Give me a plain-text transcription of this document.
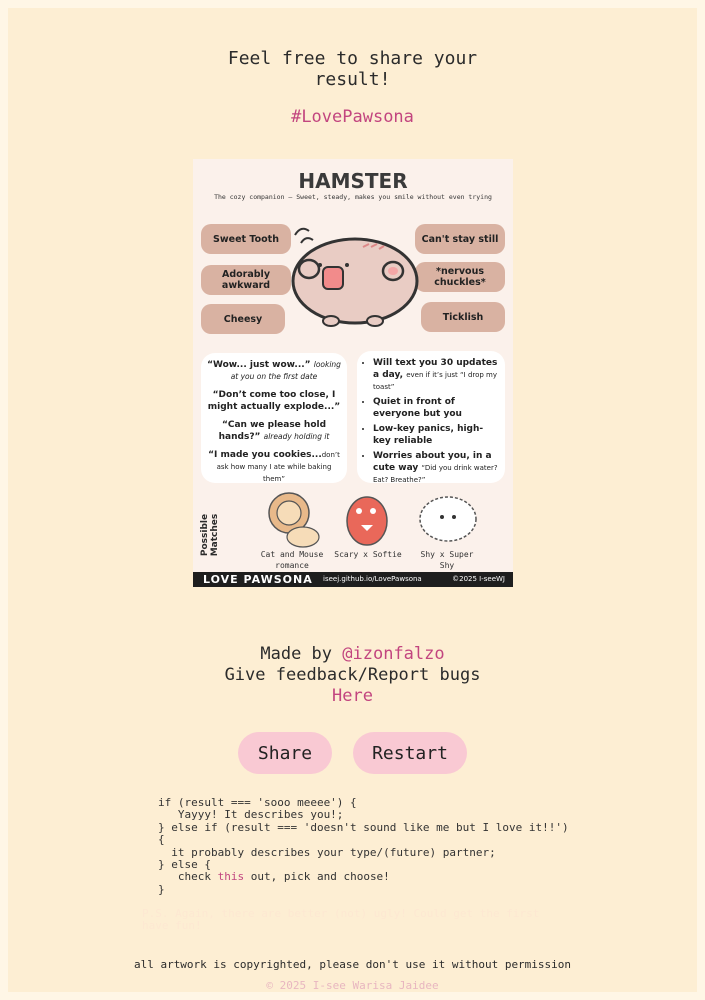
Feel free to share your
result!
#LovePawsona
HAMSTER
The cozy companion – Sweet, steady, makes you smile without even trying
Sweet Tooth
Adorably awkward
Cheesy
Can't stay still
*nervous chuckles*
Ticklish
“Wow... just wow...” looking at you on the first date
“Don’t come too close, I might actually explode...”
“Can we please hold hands?” already holding it
“I made you cookies...don’t ask how many I ate while baking them”
• Will text you 30 updates a day, even if it’s just “I drop my toast”
• Quiet in front of everyone but you
• Low-key panics, high-key reliable
• Worries about you, in a cute way “Did you drink water? Eat? Breathe?”
Possible Matches	Cat and Mouse romance
Scary x Softie	Shy x Super Shy
LOVE PAWSONA iseej.github.io/LovePawsona	©2025 I-seeWJ
Made by @izonfalzo
Give feedback/Report bugs
Here
Share	Restart
if (result === 'sooo meeee') {
Yayyy! It describes you!;
} else if (result === 'doesn't sound like me but I love it!!')
{
it probably describes your type/(future) partner;
} else {
check this out, pick and choose!
}
P.S. Again, there are better (not) ugly! Could get the first have fun!
all artwork is copyrighted, please don't use it without permission
© 2025 I-see Warisa Jaidee
